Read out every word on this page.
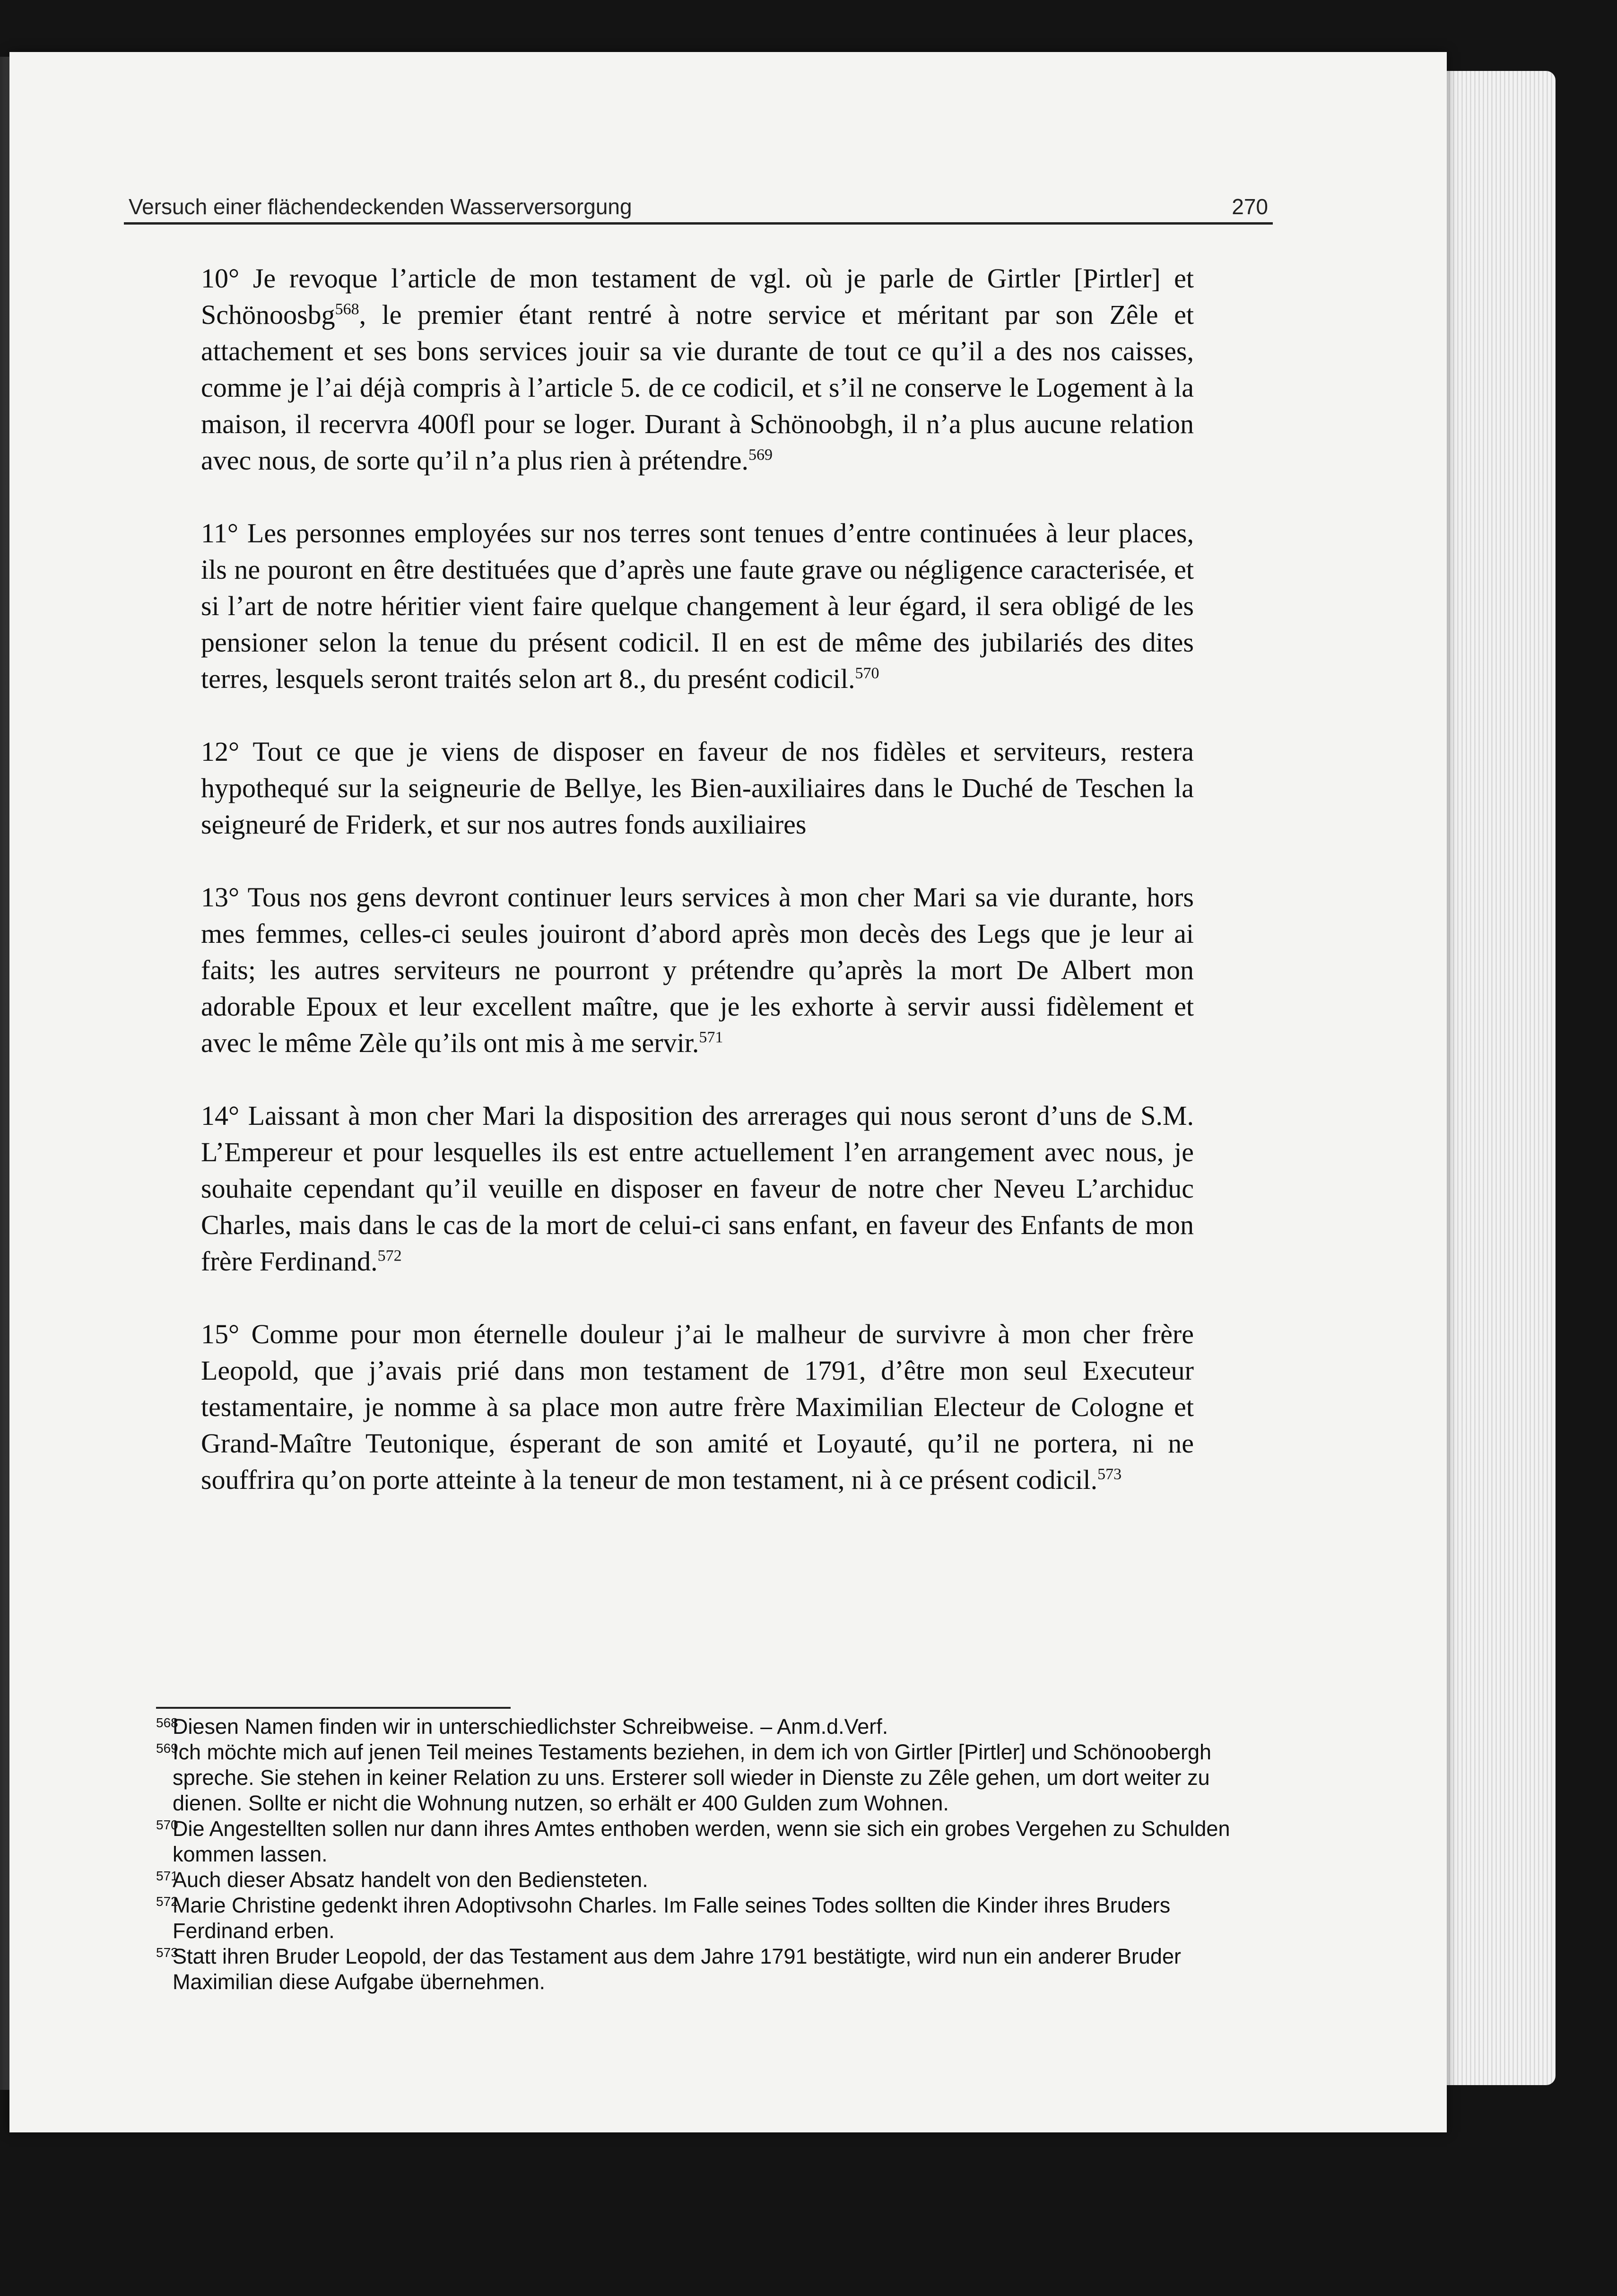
Versuch einer flächendeckenden Wasserversorgung	270

10° Je revoque l’article de mon testament de vgl. où je parle de Girtler [Pirtler] et Schönoosbg$^{568}$, le premier étant rentré à notre service et méritant par son Zêle et attachement et ses bons services jouir sa vie durante de tout ce qu’il a des nos caisses, comme je l’ai déjà compris à l’article 5. de ce codicil, et s’il ne conserve le Logement à la maison, il recervra 400fl pour se loger. Durant à Schönoobgh, il n’a plus aucune relation avec nous, de sorte qu’il n’a plus rien à prétendre.$^{569}$

11° Les personnes employées sur nos terres sont tenues d’entre continuées à leur places, ils ne pouront en être destituées que d’après une faute grave ou négligence caracterisée, et si l’art de notre héritier vient faire quelque changement à leur égard, il sera obligé de les pensioner selon la tenue du présent codicil. Il en est de même des jubilariés des dites terres, lesquels seront traités selon art 8., du presént codicil.$^{570}$

12° Tout ce que je viens de disposer en faveur de nos fidèles et serviteurs, restera hypothequé sur la seigneurie de Bellye, les Bien-auxiliaires dans le Duché de Teschen la seigneuré de Friderk, et sur nos autres fonds auxiliaires

13° Tous nos gens devront continuer leurs services à mon cher Mari sa vie durante, hors mes femmes, celles-ci seules jouiront d’abord après mon decès des Legs que je leur ai faits; les autres serviteurs ne pourront y prétendre qu’après la mort De Albert mon adorable Epoux et leur excellent maître, que je les exhorte à servir aussi fidèlement et avec le même Zèle qu’ils ont mis à me servir.$^{571}$

14° Laissant à mon cher Mari la disposition des arrerages qui nous seront d’uns de S.M. L’Empereur et pour lesquelles ils est entre actuellement l’en arrangement avec nous, je souhaite cependant qu’il veuille en disposer en faveur de notre cher Neveu L’archiduc Charles, mais dans le cas de la mort de celui-ci sans enfant, en faveur des Enfants de mon frère Ferdinand.$^{572}$

15° Comme pour mon éternelle douleur j’ai le malheur de survivre à mon cher frère Leopold, que j’avais prié dans mon testament de 1791, d’être mon seul Executeur testamentaire, je nomme à sa place mon autre frère Maximilian Electeur de Cologne et Grand-Maître Teutonique, ésperant de son amité et Loyauté, qu’il ne portera, ni ne souffrira qu’on porte atteinte à la teneur de mon testament, ni à ce présent codicil.$^{573}$

568
Diesen Namen finden wir in unterschiedlichster Schreibweise. – Anm.d.Verf.

569
Ich möchte mich auf jenen Teil meines Testaments beziehen, in dem ich von Girtler [Pirtler] und Schönoobergh spreche. Sie stehen in keiner Relation zu uns. Ersterer soll wieder in Dienste zu Zêle gehen, um dort weiter zu dienen. Sollte er nicht die Wohnung nutzen, so erhält er 400 Gulden zum Wohnen.

570
Die Angestellten sollen nur dann ihres Amtes enthoben werden, wenn sie sich ein grobes Vergehen zu Schulden kommen lassen.

571
Auch dieser Absatz handelt von den Bediensteten.

572
Marie Christine gedenkt ihren Adoptivsohn Charles. Im Falle seines Todes sollten die Kinder ihres Bruders Ferdinand erben.

573
Statt ihren Bruder Leopold, der das Testament aus dem Jahre 1791 bestätigte, wird nun ein anderer Bruder Maximilian diese Aufgabe übernehmen.
